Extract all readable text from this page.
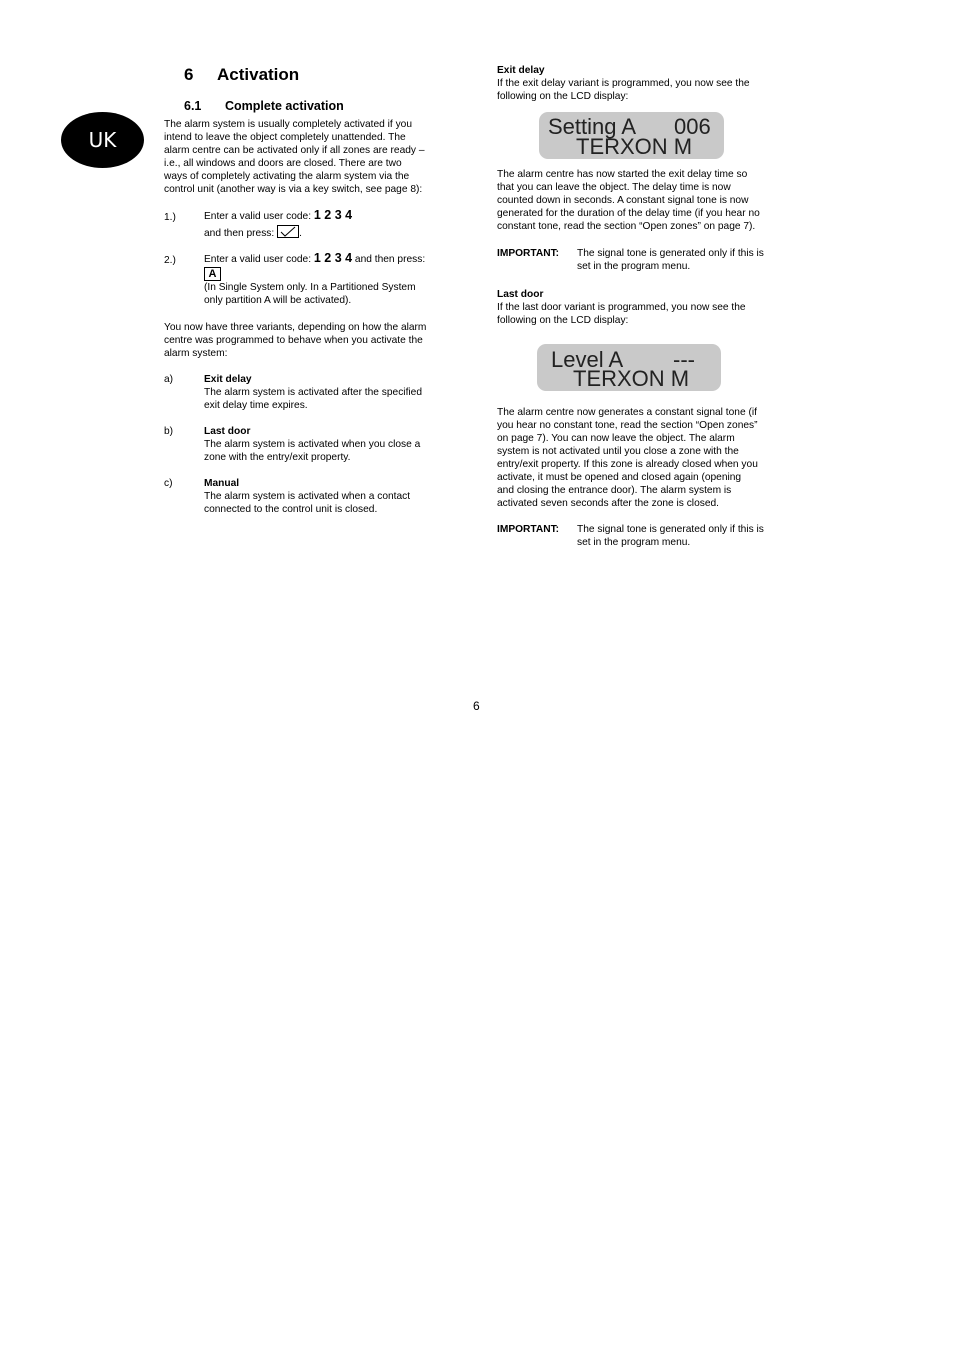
UK
6 Activation
6.1 Complete activation
The alarm system is usually completely activated if you
intend to leave the object completely unattended. The
alarm centre can be activated only if all zones are ready –
i.e., all windows and doors are closed. There are two
ways of completely activating the alarm system via the
control unit (another way is via a key switch, see page 8):
1.)	Enter a valid user code: 1 2 3 4
and then press:
.
2.)	Enter a valid user code: 1 2 3 4 and then press:
A
(In Single System only. In a Partitioned System
only partition A will be activated).
You now have three variants, depending on how the alarm
centre was programmed to behave when you activate the
alarm system:
a)	Exit delay
The alarm system is activated after the specified
exit delay time expires.
b)	Last door
The alarm system is activated when you close a
zone with the entry/exit property.
c)	Manual
The alarm system is activated when a contact
connected to the control unit is closed.
Exit delay
If the exit delay variant is programmed, you now see the
following on the LCD display:
Setting A 006
TERXON M
The alarm centre has now started the exit delay time so
that you can leave the object. The delay time is now
counted down in seconds. A constant signal tone is now
generated for the duration of the delay time (if you hear no
constant tone, read the section “Open zones” on page 7).
IMPORTANT:	The signal tone is generated only if this is
set in the program menu.
Last door
If the last door variant is programmed, you now see the
following on the LCD display:
Level A ---
TERXON M
The alarm centre now generates a constant signal tone (if
you hear no constant tone, read the section “Open zones”
on page 7). You can now leave the object. The alarm
system is not activated until you close a zone with the
entry/exit property. If this zone is already closed when you
activate, it must be opened and closed again (opening
and closing the entrance door). The alarm system is
activated seven seconds after the zone is closed.
IMPORTANT:	The signal tone is generated only if this is
set in the program menu.
6
